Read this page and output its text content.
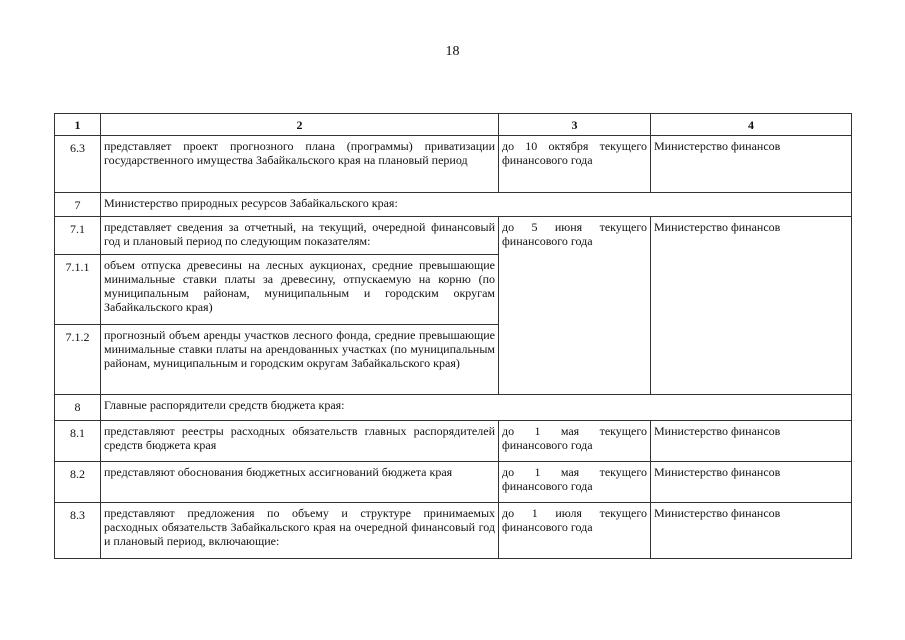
18
1	2	3	4
6.3	представляет проект прогнозного плана (программы) приватизации государственного имущества Забайкальского края на плановый период	до 10 октября текущего финансового года	Министерство финансов
7	Министерство природных ресурсов Забайкальского края:		
7.1	представляет сведения за отчетный, на текущий, очередной финансовый год и плановый период по следующим показателям:	до 5 июня текущего финансового года	Министерство финансов
7.1.1	объем отпуска древесины на лесных аукционах, средние превышающие минимальные ставки платы за древесину, отпускаемую на корню (по муниципальным районам, муниципальным и городским округам Забайкальского края)		
7.1.2	прогнозный объем аренды участков лесного фонда, средние превышающие минимальные ставки платы на арендованных участках (по муниципальным районам, муниципальным и городским округам Забайкальского края)		
8	Главные распорядители средств бюджета края:		
8.1	представляют реестры расходных обязательств главных распорядителей средств бюджета края	до 1 мая текущего финансового года	Министерство финансов
8.2	представляют обоснования бюджетных ассигнований бюджета края	до 1 мая текущего финансового года	Министерство финансов
8.3	представляют предложения по объему и структуре принимаемых расходных обязательств Забайкальского края на очередной финансовый год и плановый период, включающие:	до 1 июля текущего финансового года	Министерство финансов
